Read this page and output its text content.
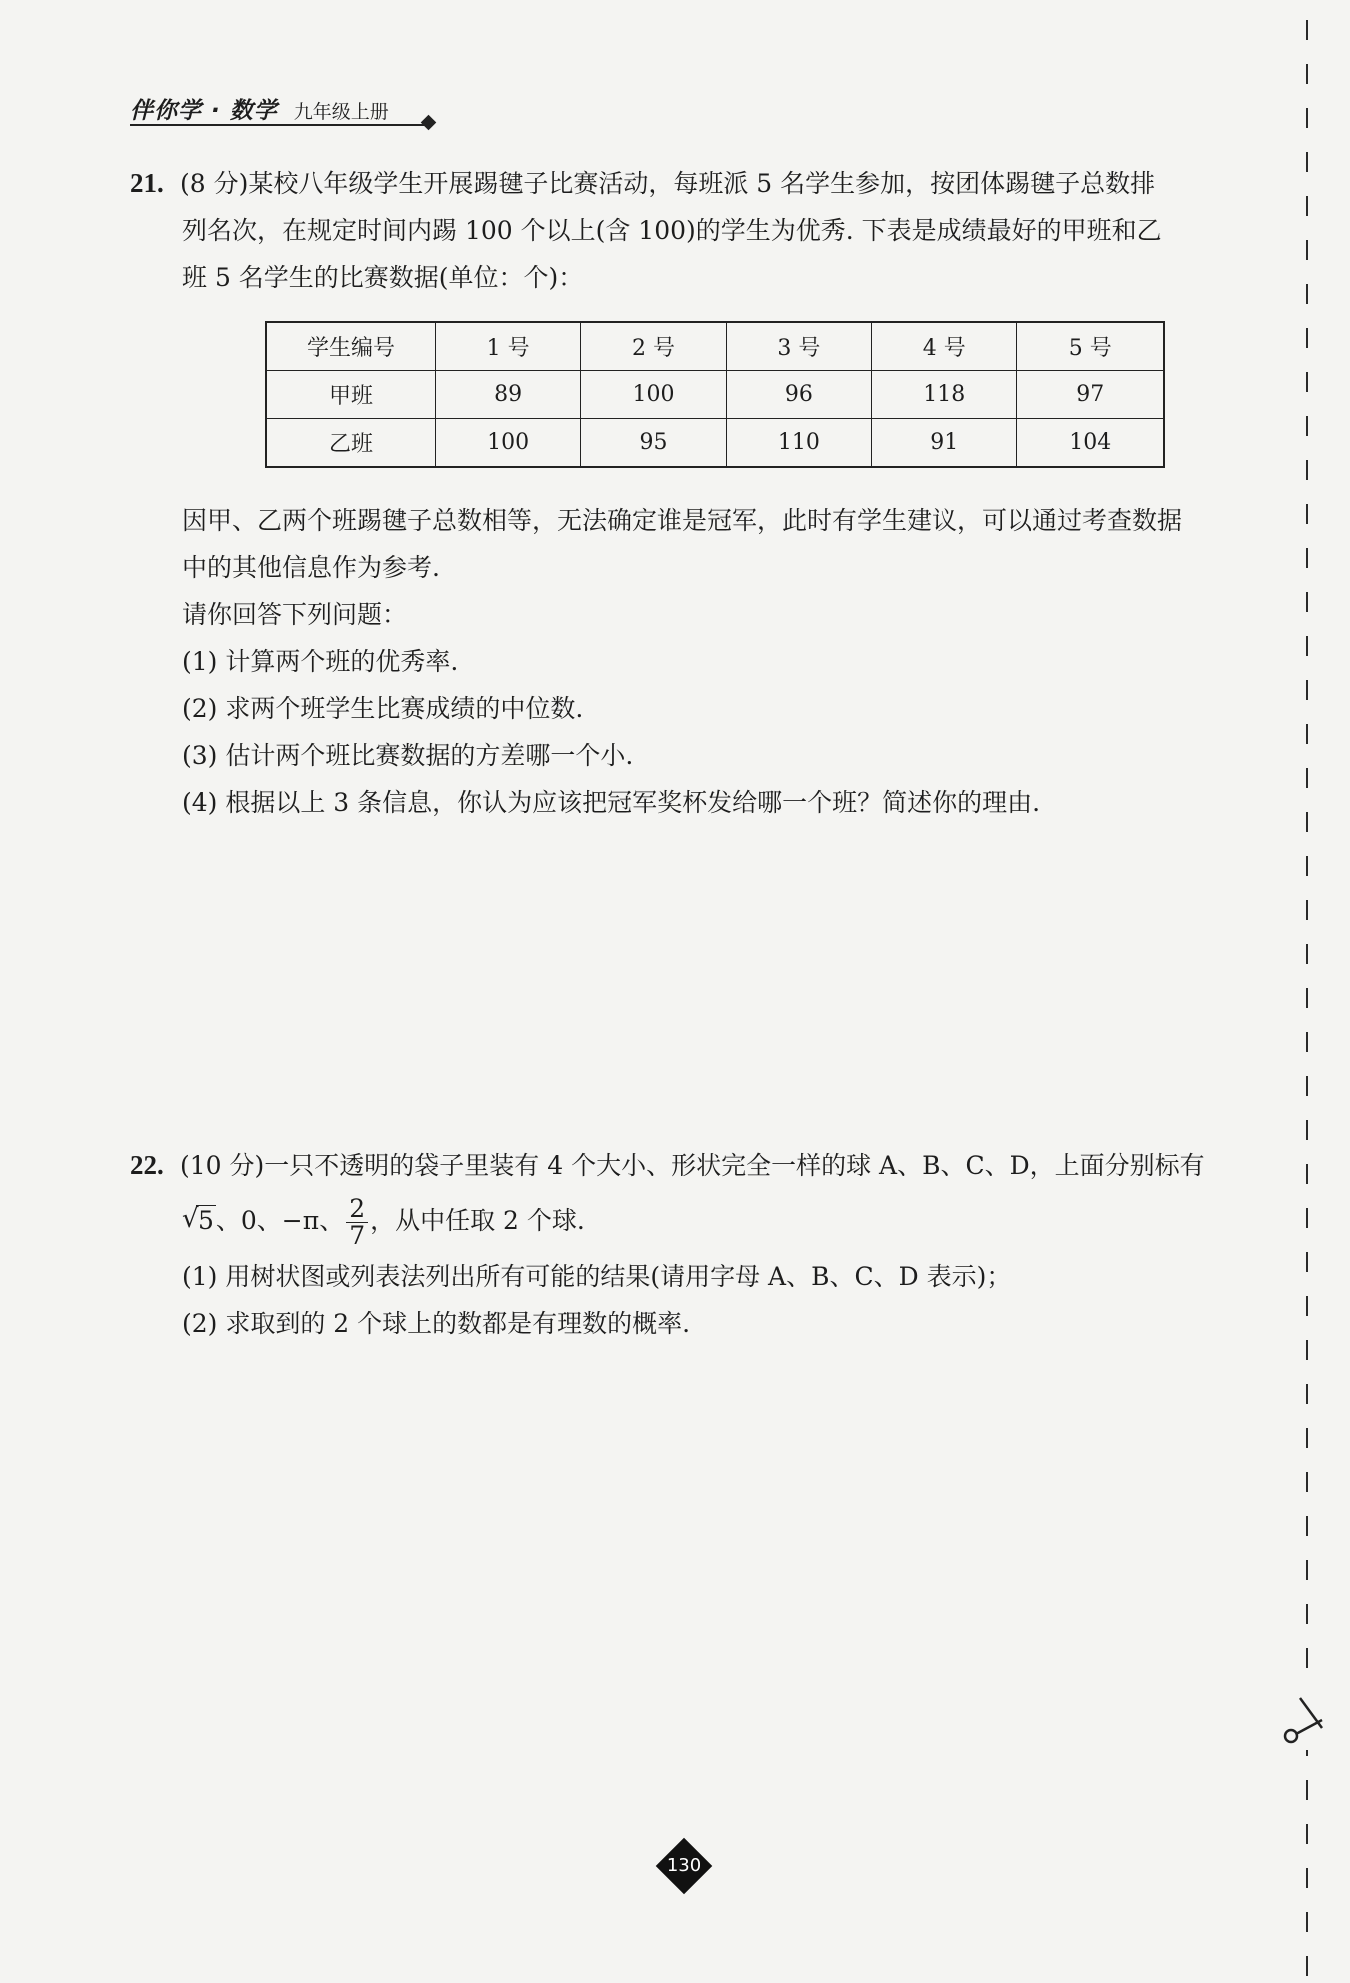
伴你学 · 数学 九年级上册
21. (8 分)某校八年级学生开展踢毽子比赛活动，每班派 5 名学生参加，按团体踢毽子总数排
列名次，在规定时间内踢 100 个以上(含 100)的学生为优秀. 下表是成绩最好的甲班和乙
班 5 名学生的比赛数据(单位：个)：
学生编号	1 号	2 号	3 号	4 号	5 号
甲班	89	100	96	118	97
乙班	100	95	110	91	104
因甲、乙两个班踢毽子总数相等，无法确定谁是冠军，此时有学生建议，可以通过考查数据
中的其他信息作为参考.
请你回答下列问题：
(1) 计算两个班的优秀率.
(2) 求两个班学生比赛成绩的中位数.
(3) 估计两个班比赛数据的方差哪一个小.
(4) 根据以上 3 条信息，你认为应该把冠军奖杯发给哪一个班？简述你的理由.
22. (10 分)一只不透明的袋子里装有 4 个大小、形状完全一样的球 A、B、C、D，上面分别标有
√ 5、0、−π、 $\frac{2}{7}$ ，从中任取 2 个球.
(1) 用树状图或列表法列出所有可能的结果(请用字母 A、B、C、D 表示)；
(2) 求取到的 2 个球上的数都是有理数的概率.
130
